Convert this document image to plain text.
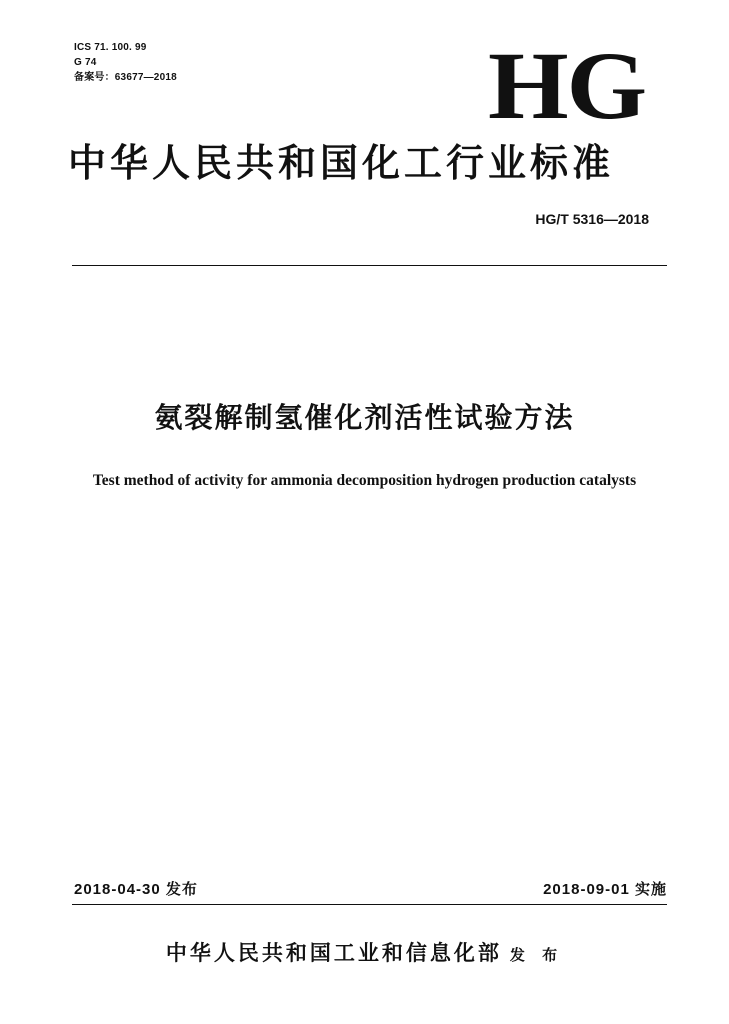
ICS 71. 100. 99
G 74
备案号：63677—2018	HG
中华人民共和国化工行业标准
HG/T 5316—2018
氨裂解制氢催化剂活性试验方法
Test method of activity for ammonia decomposition hydrogen production catalysts
2018-04-30 发布	2018-09-01 实施
中华人民共和国工业和信息化部 发 布
